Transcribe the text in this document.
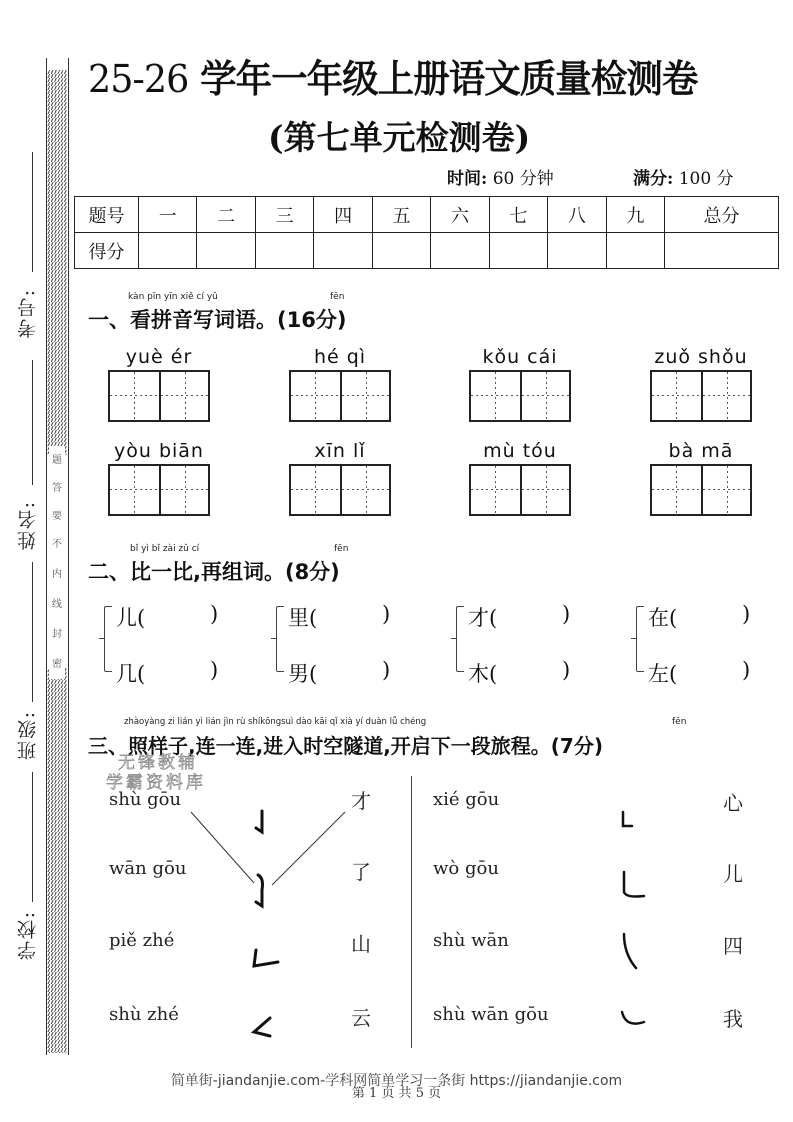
题
答
要
不
内
线
封
密
考号:
姓名:
班级:
学校:
25-26 学年一年级上册语文质量检测卷
(第七单元检测卷)
时间: 60 分钟	满分: 100 分
题号	一	二	三	四	五	六	七	八	九	总分
得分										
kàn pīn yīn xiě cí yǔ	fēn
一、看拼音写词语。(16分)
yuè ér	hé qì	kǒu cái	zuǒ shǒu
yòu biān	xīn lǐ	mù tóu	bà mā
bǐ yì bǐ zài zǔ cí	fēn
二、比一比,再组词。(8分)
儿(	)
几(	)
里(	)
男(	)
才(	)
木(	)
在(	)
左(	)
zhàoyàng zi lián yì lián jìn rù shíkōngsuì dào kāi qǐ xià yí duàn lǚ chéng	fēn
三、照样子,连一连,进入时空隧道,开启下一段旅程。(7分)
无锋教辅
学霸资料库
shù gōu
wān gōu
piě zhé
shù zhé
才
了
山
云
xié gōu
wò gōu
shù wān
shù wān gōu
心
儿
四
我
简单街-jiandanjie.com-学科网简单学习一条街 https://jiandanjie.com
第 1 页 共 5 页
